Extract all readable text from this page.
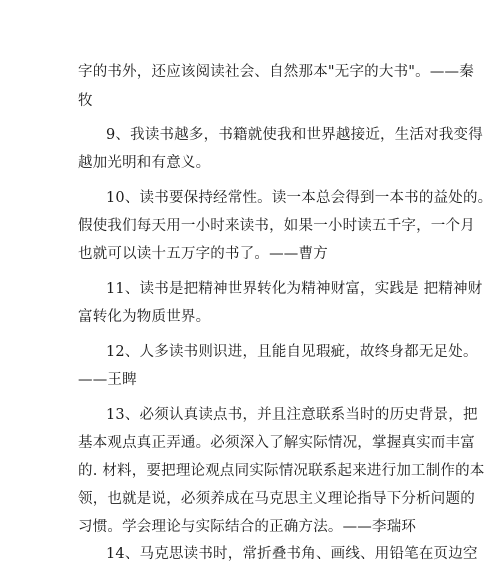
字的书外，还应该阅读社会、自然那本"无字的大书"。——秦
牧
9、我读书越多，书籍就使我和世界越接近，生活对我变得
越加光明和有意义。
10、读书要保持经常性。读一本总会得到一本书的益处的。
假使我们每天用一小时来读书，如果一小时读五千字，一个月
也就可以读十五万字的书了。——曹方
11、读书是把精神世界转化为精神财富，实践是 把精神财
富转化为物质世界。
12、人多读书则识进，且能自见瑕疵，故终身都无足处。
——王睥
13、必须认真读点书，并且注意联系当时的历史背景，把
基本观点真正弄通。必须深入了解实际情况，掌握真实而丰富
的. 材料，要把理论观点同实际情况联系起来进行加工制作的本
领，也就是说，必须养成在马克思主义理论指导下分析问题的
习惯。学会理论与实际结合的正确方法。——李瑞环
14、马克思读书时，常折叠书角、画线、用铅笔在页边空
